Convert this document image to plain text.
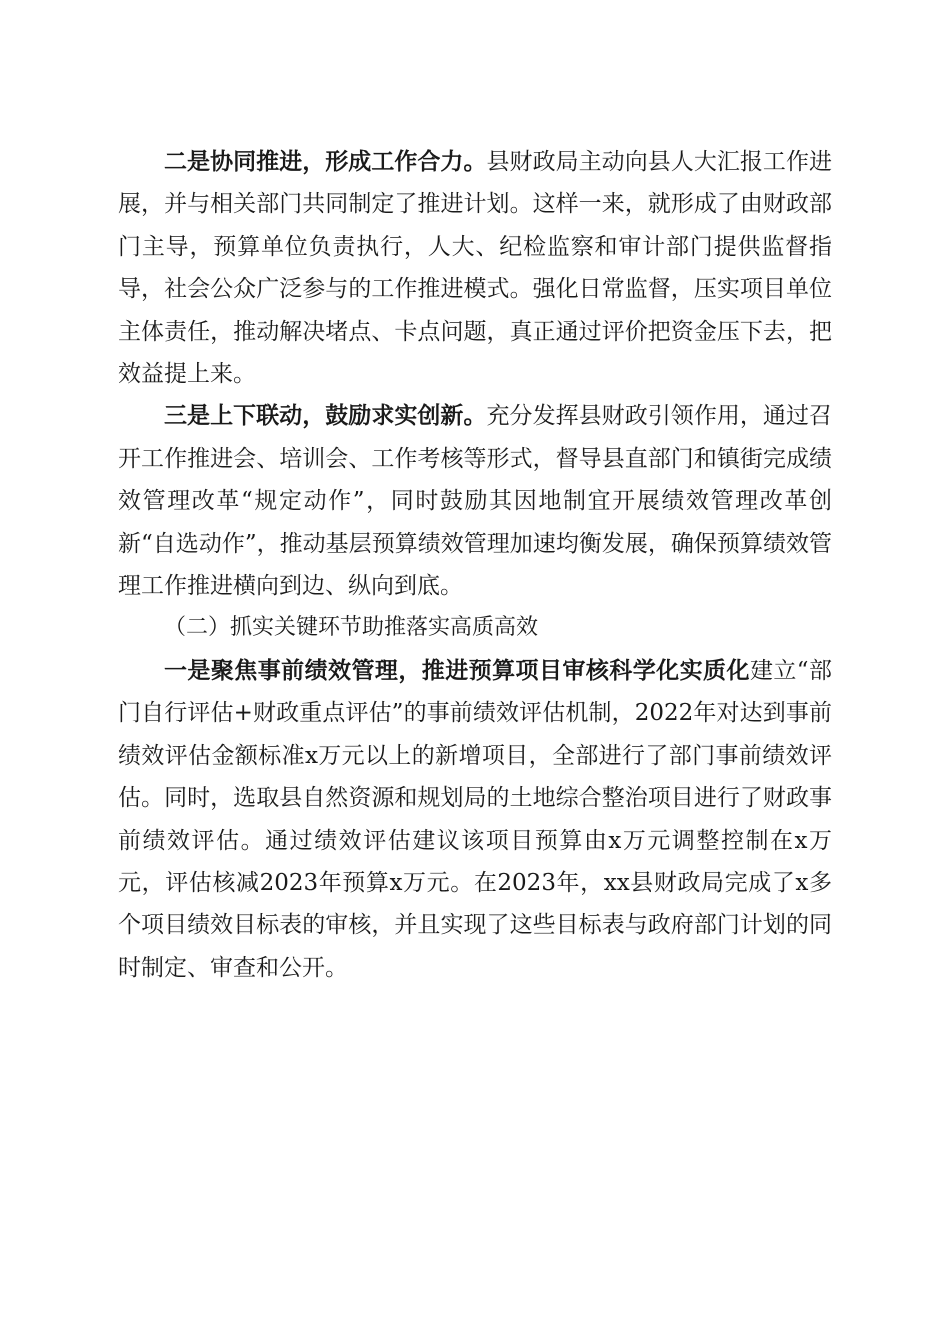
二是协同推进，形成工作合力。县财政局主动向县人大汇报工作进展，并与相关部门共同制定了推进计划。这样一来，就形成了由财政部门主导，预算单位负责执行，人大、纪检监察和审计部门提供监督指导，社会公众广泛参与的工作推进模式。强化日常监督，压实项目单位主体责任，推动解决堵点、卡点问题，真正通过评价把资金压下去，把效益提上来。

三是上下联动，鼓励求实创新。充分发挥县财政引领作用，通过召开工作推进会、培训会、工作考核等形式，督导县直部门和镇街完成绩效管理改革“规定动作”，同时鼓励其因地制宜开展绩效管理改革创新“自选动作”，推动基层预算绩效管理加速均衡发展，确保预算绩效管理工作推进横向到边、纵向到底。

（二）抓实关键环节助推落实高质高效

一是聚焦事前绩效管理，推进预算项目审核科学化实质化建立“部门自行评估+财政重点评估”的事前绩效评估机制，2022年对达到事前绩效评估金额标准x万元以上的新增项目，全部进行了部门事前绩效评估。同时，选取县自然资源和规划局的土地综合整治项目进行了财政事前绩效评估。通过绩效评估建议该项目预算由x万元调整控制在x万元，评估核减2023年预算x万元。在2023年，xx县财政局完成了x多个项目绩效目标表的审核，并且实现了这些目标表与政府部门计划的同时制定、审查和公开。
